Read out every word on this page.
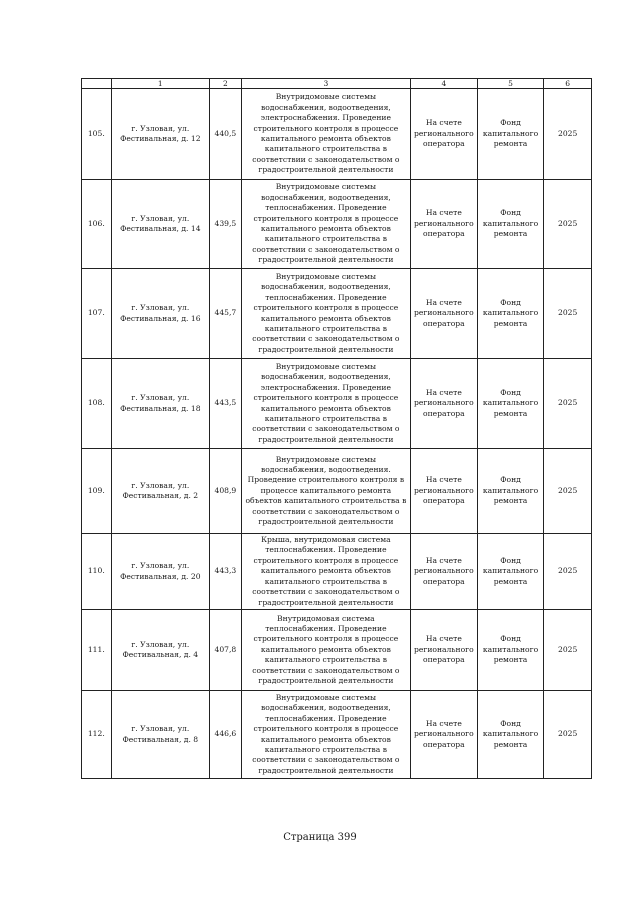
	1	2	3	4	5	6
105.	г. Узловая, ул. Фестивальная, д. 12	440,5	Внутридомовые системы водоснабжения, водоотведения, электроснабжения. Проведение строительного контроля в процессе капитального ремонта объектов капитального строительства в соответствии с законодательством о градостроительной деятельности	На счете регионального оператора	Фонд капитального ремонта	2025
106.	г. Узловая, ул. Фестивальная, д. 14	439,5	Внутридомовые системы водоснабжения, водоотведения, теплоснабжения. Проведение строительного контроля в процессе капитального ремонта объектов капитального строительства в соответствии с законодательством о градостроительной деятельности	На счете регионального оператора	Фонд капитального ремонта	2025
107.	г. Узловая, ул. Фестивальная, д. 16	445,7	Внутридомовые системы водоснабжения, водоотведения, теплоснабжения. Проведение строительного контроля в процессе капитального ремонта объектов капитального строительства в соответствии с законодательством о градостроительной деятельности	На счете регионального оператора	Фонд капитального ремонта	2025
108.	г. Узловая, ул. Фестивальная, д. 18	443,5	Внутридомовые системы водоснабжения, водоотведения, электроснабжения. Проведение строительного контроля в процессе капитального ремонта объектов капитального строительства в соответствии с законодательством о градостроительной деятельности	На счете регионального оператора	Фонд капитального ремонта	2025
109.	г. Узловая, ул. Фестивальная, д. 2	408,9	Внутридомовые системы водоснабжения, водоотведения. Проведение строительного контроля в процессе капитального ремонта объектов капитального строительства в соответствии с законодательством о градостроительной деятельности	На счете регионального оператора	Фонд капитального ремонта	2025
110.	г. Узловая, ул. Фестивальная, д. 20	443,3	Крыша, внутридомовая система теплоснабжения. Проведение строительного контроля в процессе капитального ремонта объектов капитального строительства в соответствии с законодательством о градостроительной деятельности	На счете регионального оператора	Фонд капитального ремонта	2025
111.	г. Узловая, ул. Фестивальная, д. 4	407,8	Внутридомовая система теплоснабжения. Проведение строительного контроля в процессе капитального ремонта объектов капитального строительства в соответствии с законодательством о градостроительной деятельности	На счете регионального оператора	Фонд капитального ремонта	2025
112.	г. Узловая, ул. Фестивальная, д. 8	446,6	Внутридомовые системы водоснабжения, водоотведения, теплоснабжения. Проведение строительного контроля в процессе капитального ремонта объектов капитального строительства в соответствии с законодательством о градостроительной деятельности	На счете регионального оператора	Фонд капитального ремонта	2025
Страница 399
